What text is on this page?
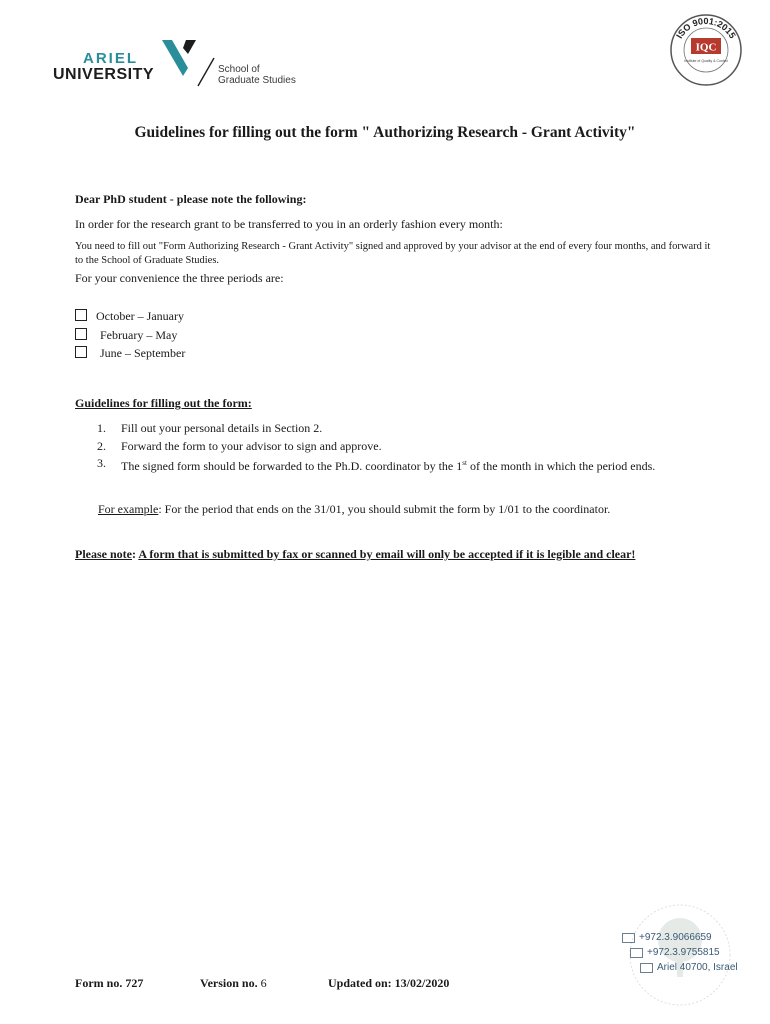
ARIEL
UNIVERSITY	School of
Graduate Studies
IQC
ISO 9001:2015
Institute of Quality & Control
Guidelines for filling out the form " Authorizing Research - Grant Activity"
Dear PhD student - please note the following:
In order for the research grant to be transferred to you in an orderly fashion every month:
You need to fill out "Form Authorizing Research - Grant Activity" signed and approved by your advisor at the end of every four months, and forward it to the School of Graduate Studies.
For your convenience the three periods are:
October – January
February – May
June – September
Guidelines for filling out the form:
1.	Fill out your personal details in Section 2.
2.	Forward the form to your advisor to sign and approve.
3.	The signed form should be forwarded to the Ph.D. coordinator by the 1st of the month in which the period ends.
For example: For the period that ends on the 31/01, you should submit the form by 1/01 to the coordinator.
Please note: A form that is submitted by fax or scanned by email will only be accepted if it is legible and clear!
+972.3.9066659
+972.3.9755815
Ariel 40700, Israel
Form no. 727	Version no. 6	Updated on: 13/02/2020
